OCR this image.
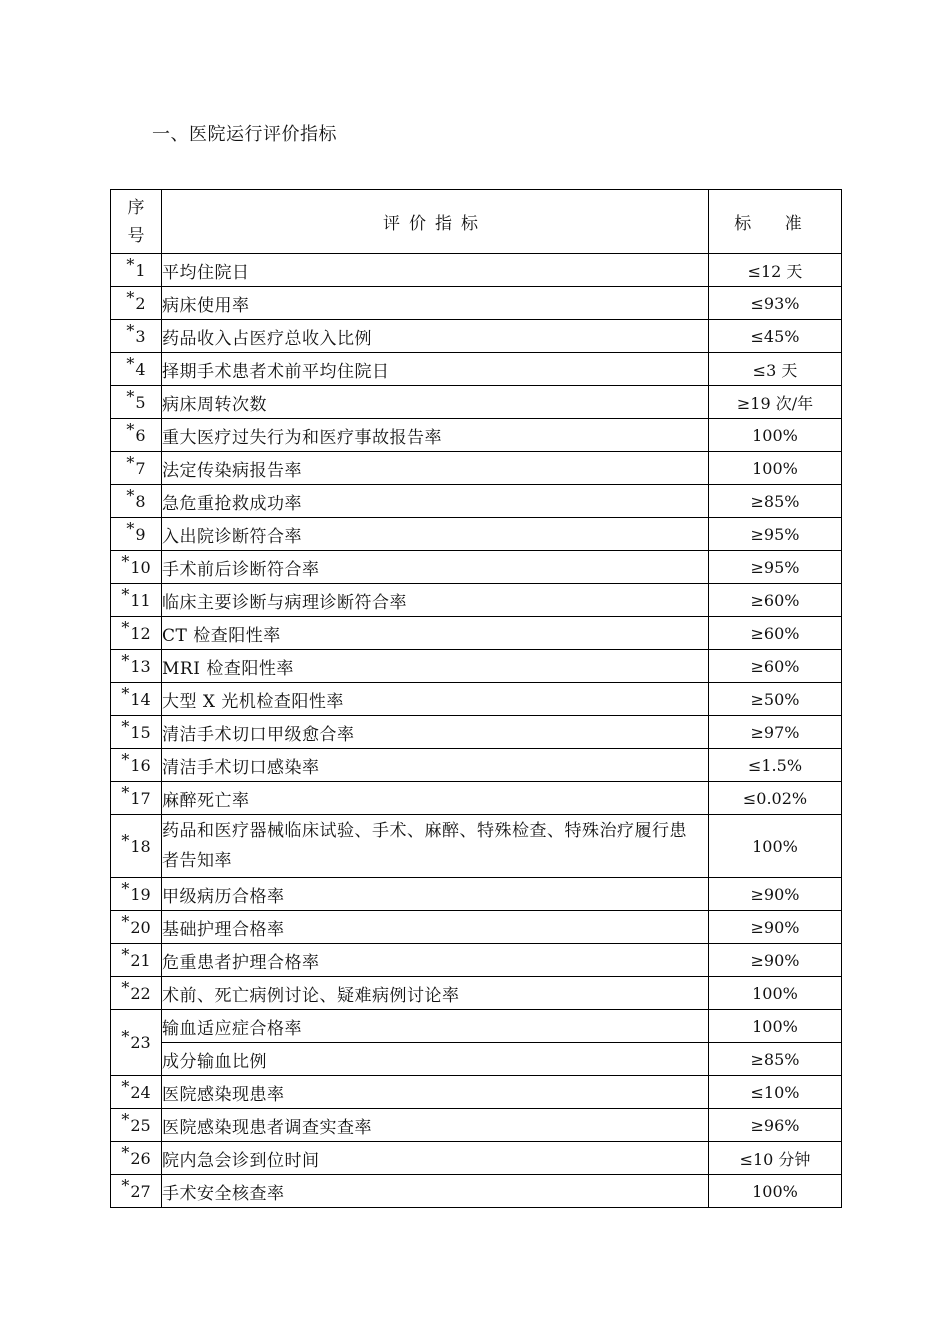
一、医院运行评价指标
序
号	评价指标	标 准
*1	平均住院日	≤12 天
*2	病床使用率	≤93%
*3	药品收入占医疗总收入比例	≤45%
*4	择期手术患者术前平均住院日	≤3 天
*5	病床周转次数	≥19 次/年
*6	重大医疗过失行为和医疗事故报告率	100%
*7	法定传染病报告率	100%
*8	急危重抢救成功率	≥85%
*9	入出院诊断符合率	≥95%
*10	手术前后诊断符合率	≥95%
*11	临床主要诊断与病理诊断符合率	≥60%
*12	CT 检查阳性率	≥60%
*13	MRI 检查阳性率	≥60%
*14	大型 X 光机检查阳性率	≥50%
*15	清洁手术切口甲级愈合率	≥97%
*16	清洁手术切口感染率	≤1.5%
*17	麻醉死亡率	≤0.02%
*18	药品和医疗器械临床试验、手术、麻醉、特殊检查、特殊治疗履行患者告知率	100%
*19	甲级病历合格率	≥90%
*20	基础护理合格率	≥90%
*21	危重患者护理合格率	≥90%
*22	术前、死亡病例讨论、疑难病例讨论率	100%
*23	输血适应症合格率	100%
	成分输血比例	≥85%
*24	医院感染现患率	≤10%
*25	医院感染现患者调查实查率	≥96%
*26	院内急会诊到位时间	≤10 分钟
*27	手术安全核查率	100%
